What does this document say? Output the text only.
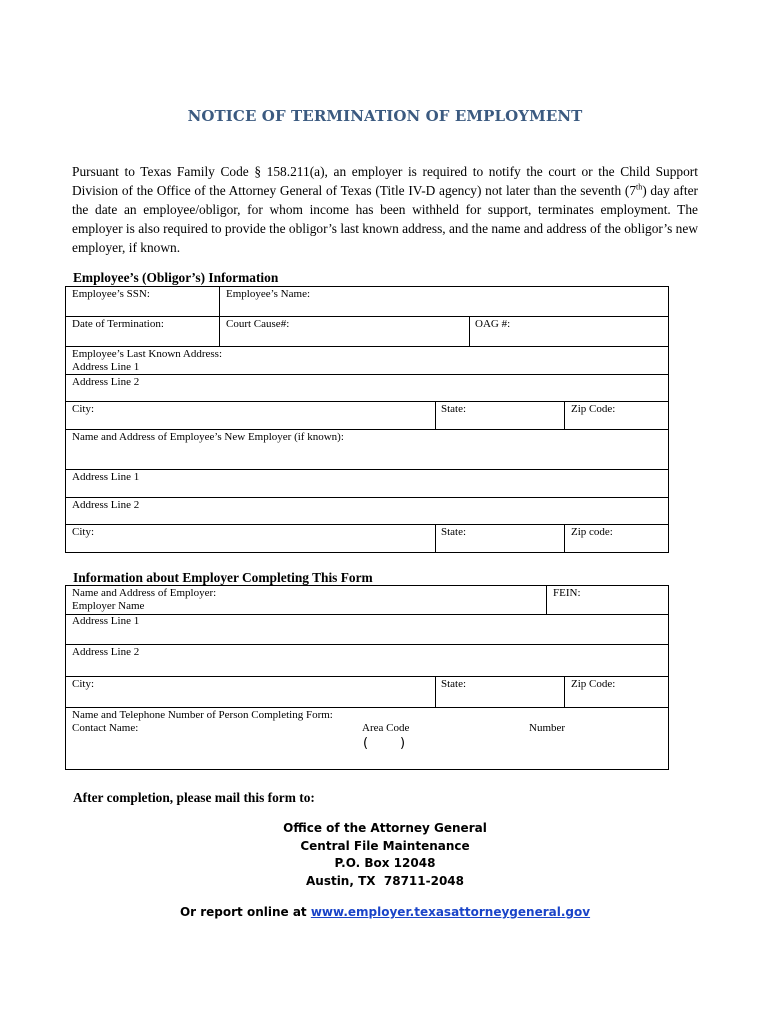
NOTICE OF TERMINATION OF EMPLOYMENT
Pursuant to Texas Family Code § 158.211(a), an employer is required to notify the court or the Child Support Division of the Office of the Attorney General of Texas (Title IV-D agency) not later than the seventh (7th) day after the date an employee/obligor, for whom income has been withheld for support, terminates employment. The employer is also required to provide the obligor’s last known address, and the name and address of the obligor’s new employer, if known.
Employee’s (Obligor’s) Information
Employee’s SSN:	Employee’s Name:
Date of Termination:	Court Cause#:	OAG #:
Employee’s Last Known Address:
Address Line 1
Address Line 2
City:	State:	Zip Code:
Name and Address of Employee’s New Employer (if known):
Address Line 1
Address Line 2
City:	State:	Zip code:
Information about Employer Completing This Form
Name and Address of Employer:
Employer Name
FEIN:
Address Line 1
Address Line 2
City:	State:	Zip Code:
Name and Telephone Number of Person Completing Form:
Contact Name:	Area Code	Number
( )
After completion, please mail this form to:
Office of the Attorney General
Central File Maintenance
P.O. Box 12048
Austin, TX  78711-2048
Or report online at www.employer.texasattorneygeneral.gov
